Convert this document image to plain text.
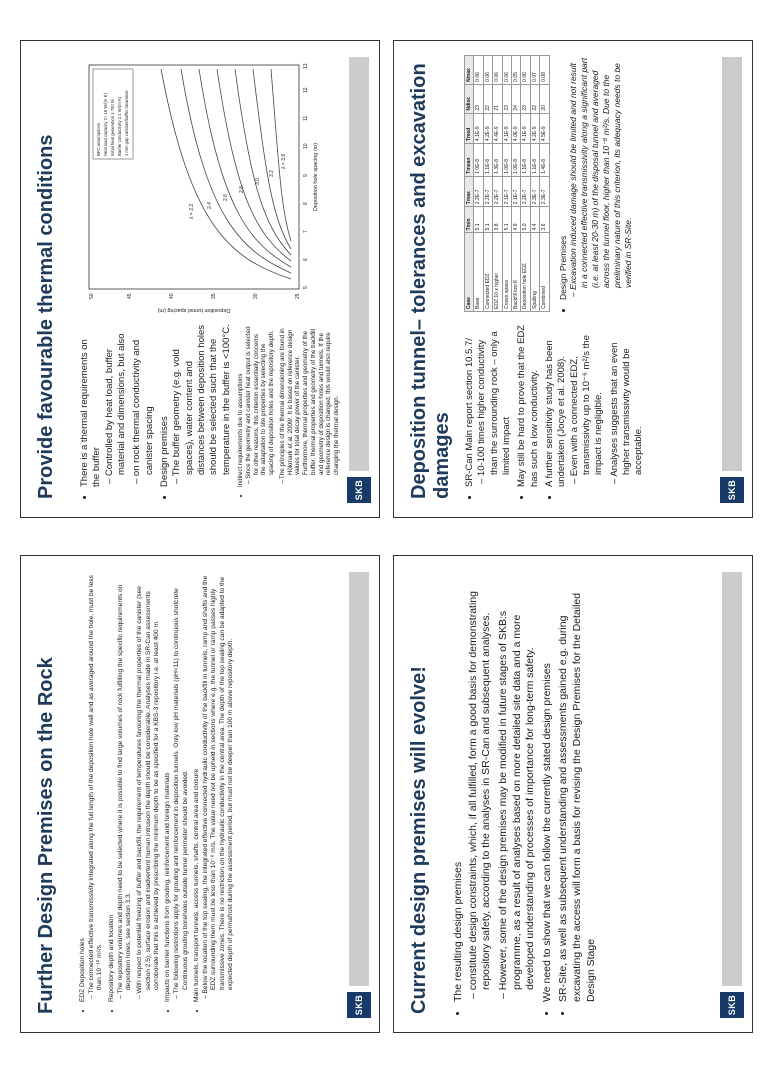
Provide favourable thermal conditions • There is a thermal requirements on the buffer – Controlled by heat load, buffer material and dimensions, but also – on rock thermal conductivity and canister spacing • Design premises – The buffer geometry (e.g. void spaces), water content and distances between deposition holes should be selected such that the temperature in the buffer is <100°C. • Indirect requirements due to assumptions – Since the geometry and canister heat output is selected for other reasons, this criterion essentially concerns the adaptation to site properties by selecting the spacing of deposition holes and the repository depth. – The principles of the thermal dimensioning are found in Hökmark et al. 2009/. It is based on reference design values for total decay power of the canister. Furthermore, thermal properties and geometry of the buffer, thermal properties and geometry of the backfill and geometry of deposition holes and tunnels. If the reference design is changed, this would also require changing the thermal design.
λ = 2.2 2.4
2.6
2.8
3.0
3.2
λ = 3.6
25
30
35
40
45
50
5
6
7
8
9
10
11
12
13
Deposition hole spacing (m)
Deposition tunnel spacing (m)
BFC assumptions Heat load capacity 2 / 18 W/(m·K) Initial heat generation 1 700 W Barrier conductivity 1.1 W/(m·K) 1 mm gap canister/buffer clearance
SKB	Deposition tunnel– tolerances and excavation damages • SR-Can Main report section 10.5.7/ – 10-100 times higher conductivity than the surrounding rock – only a limited impact • May still be hard to prove that the EDZ has such a low conductivity. • A further sensitivity study has been undertaken (Jocye et al. 2008). – Even with a connected EDZ, transmissivity up to 10⁻⁶ m²/s the impact is negligible. – Analyses suggests that an even higher transmissivity would be acceptable.
Case	Tmin	Tmax	Tmean	Tmed	Ndisc	Nmax
Base	5.1	2.2E-7	1.0E-8	4.1E-9	23	0.06
Connected EDZ	5.1	2.2E-7	1.1E-8	4.2E-9	22	0.06
EDZ 10 x higher	3.8	2.2E-7	1.3E-8	4.4E-9	21	0.06
Crown space	5.1	2.1E-7	1.0E-8	4.1E-9	23	0.06
Backfill low K	4.9	2.1E-7	1.0E-8	4.0E-9	24	0.05
Deposition hole EDZ	5.0	2.2E-7	1.1E-8	4.1E-9	23	0.06
Spalling	4.4	2.3E-7	1.1E-8	4.2E-9	22	0.07
Combined	3.6	2.3E-7	1.4E-8	4.5E-9	20	0.08
• Design Premises – Excavation induced damage should be limited and not result in a connected effective transmissivity along a significant part (i.e. at least 20-30 m) of the disposal tunnel and averaged across the tunnel floor, higher than 10⁻⁸ m²/s. Due to the preliminary nature of this criterion, its adequacy needs to be verified in SR-Site.
SKB
Further Design Premises on the Rock	• EDZ Deposition holes – The connected effective transmissivity integrated along the full length of the deposition hole wall and as averaged around the hole, must be less than 10⁻¹⁰ m²/s. • Repository depth and location – The repository volumes and depth need to be selected where it is possible to find large volumes of rock fulfilling the specific requirements on deposition holes, see section 3.3. – With respect to potential freezing of buffer and backfill, the requirement of temperatures favouring the thermal properties of the canister (see section 2.5), surface erosion and inadvertent human intrusion the depth should be considerable. Analyses made in SR-Can assessments corroborate that this is achieved by prescribing the minimum depth to be as specified for a KBS-3 repository i.e. at least 400 m. • Impacts on barrier functions from grouting, reinforcement and foreign materials – The following restrictions apply for grouting and reinforcement in deposition tunnels. Only low pH materials (pH<11) to continuous shotcrete Continuous grouting boreholes outside tunnel perimeter should be avoided. • Main tunnels, transport tunnels, access tunnels, shafts, central area and closure – Below the location of the top sealing, the integrated effective connected hydraulic conductivity of the backfill in tunnels, ramp and shafts and the EDZ surrounding them must be less than 10⁻⁸ m/s. The value need not be upheld in sections where e.g. the tunnel or ramp passes highly transmissive zones. There is no restriction on the hydraulic conductivity in the central area. The depth of the top sealing can be adapted to the expected depth of permafrost during the assessment period, but must not be deeper than 100 m above repository depth.
SKB	Current design premises will evolve! • The resulting design premises – constitute design constraints, which, if all fulfilled, form a good basis for demonstrating repository safety, according to the analyses in SR-Can and subsequent analyses. – However, some of the design premises may be modified in future stages of SKB:s programme, as a result of analyses based on more detailed site data and a more developed understanding of processes of importance for long-term safety. • We need to show that we can follow the currently stated design premises • SR-Site, as well as subsequent understanding and assessments gained e.g. during excavating the access will form a basis for revising the Design Premises for the Detailed Design Stage
SKB
